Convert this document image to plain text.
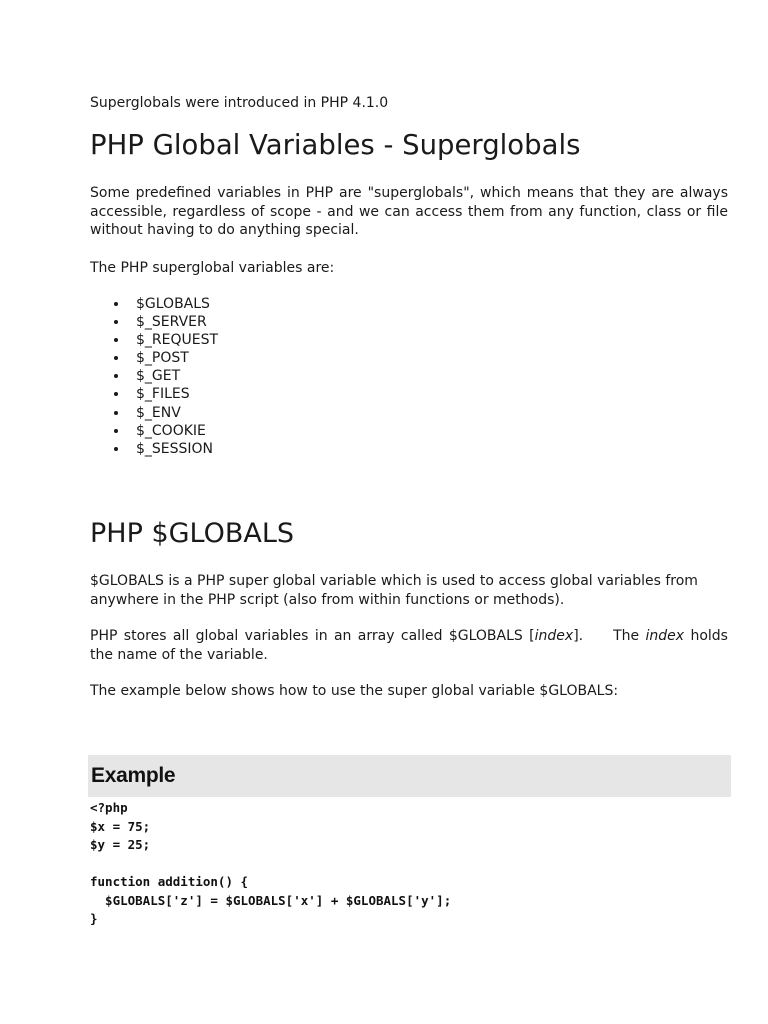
Superglobals were introduced in PHP 4.1.0
PHP Global Variables - Superglobals

Some predefined variables in PHP are "superglobals", which means that they are always accessible, regardless of scope - and we can access them from any function, class or file without having to do anything special.

The PHP superglobal variables are:

$GLOBALS
$_SERVER
$_REQUEST
$_POST
$_GET
$_FILES
$_ENV
$_COOKIE
$_SESSION
PHP $GLOBALS

$GLOBALS is a PHP super global variable which is used to access global variables from anywhere in the PHP script (also from within functions or methods).

PHP stores all global variables in an array called $GLOBALS [index]. The index holds the name of the variable.

The example below shows how to use the super global variable $GLOBALS:

Example
<?php
$x = 75;
$y = 25;
function addition() {
$GLOBALS['z'] = $GLOBALS['x'] + $GLOBALS['y'];
}
